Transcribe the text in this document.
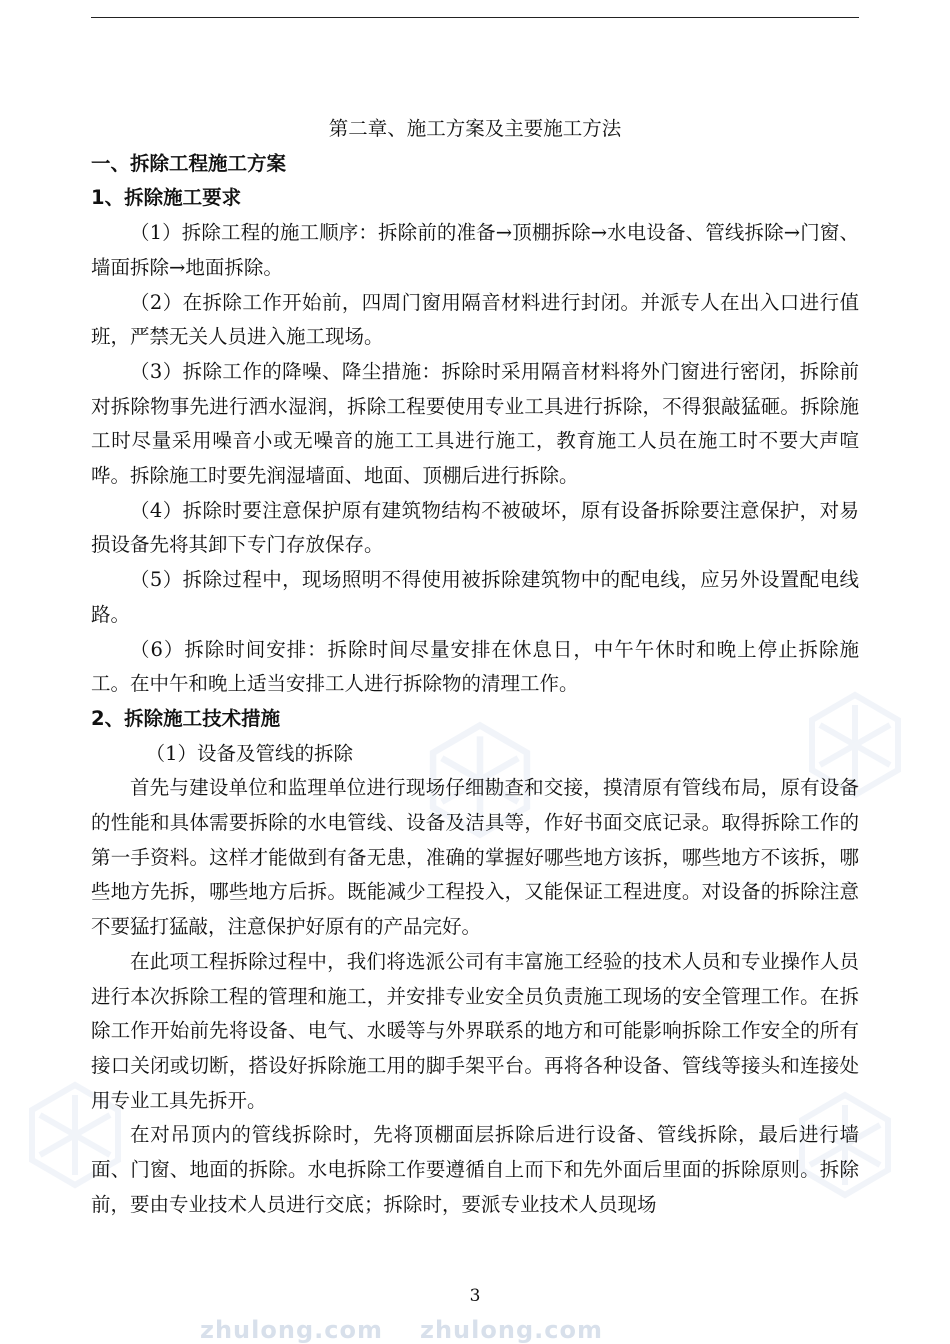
第二章、施工方案及主要施工方法

一、拆除工程施工方案

1、拆除施工要求

（1）拆除工程的施工顺序：拆除前的准备→顶棚拆除→水电设备、管线拆除→门窗、墙面拆除→地面拆除。

（2）在拆除工作开始前，四周门窗用隔音材料进行封闭。并派专人在出入口进行值班，严禁无关人员进入施工现场。

（3）拆除工作的降噪、降尘措施：拆除时采用隔音材料将外门窗进行密闭，拆除前对拆除物事先进行洒水湿润，拆除工程要使用专业工具进行拆除，不得狠敲猛砸。拆除施工时尽量采用噪音小或无噪音的施工工具进行施工，教育施工人员在施工时不要大声喧哗。拆除施工时要先润湿墙面、地面、顶棚后进行拆除。

（4）拆除时要注意保护原有建筑物结构不被破坏，原有设备拆除要注意保护，对易损设备先将其卸下专门存放保存。

（5）拆除过程中，现场照明不得使用被拆除建筑物中的配电线，应另外设置配电线路。

（6）拆除时间安排：拆除时间尽量安排在休息日，中午午休时和晚上停止拆除施工。在中午和晚上适当安排工人进行拆除物的清理工作。

2、拆除施工技术措施

（1）设备及管线的拆除

首先与建设单位和监理单位进行现场仔细勘查和交接，摸清原有管线布局，原有设备的性能和具体需要拆除的水电管线、设备及洁具等，作好书面交底记录。取得拆除工作的第一手资料。这样才能做到有备无患，准确的掌握好哪些地方该拆，哪些地方不该拆，哪些地方先拆，哪些地方后拆。既能减少工程投入，又能保证工程进度。对设备的拆除注意不要猛打猛敲，注意保护好原有的产品完好。

在此项工程拆除过程中，我们将选派公司有丰富施工经验的技术人员和专业操作人员进行本次拆除工程的管理和施工，并安排专业安全员负责施工现场的安全管理工作。在拆除工作开始前先将设备、电气、水暖等与外界联系的地方和可能影响拆除工作安全的所有接口关闭或切断，搭设好拆除施工用的脚手架平台。再将各种设备、管线等接头和连接处用专业工具先拆开。

在对吊顶内的管线拆除时，先将顶棚面层拆除后进行设备、管线拆除，最后进行墙面、门窗、地面的拆除。水电拆除工作要遵循自上而下和先外面后里面的拆除原则。拆除前，要由专业技术人员进行交底；拆除时，要派专业技术人员现场

3
zhulong.com zhulong.com
